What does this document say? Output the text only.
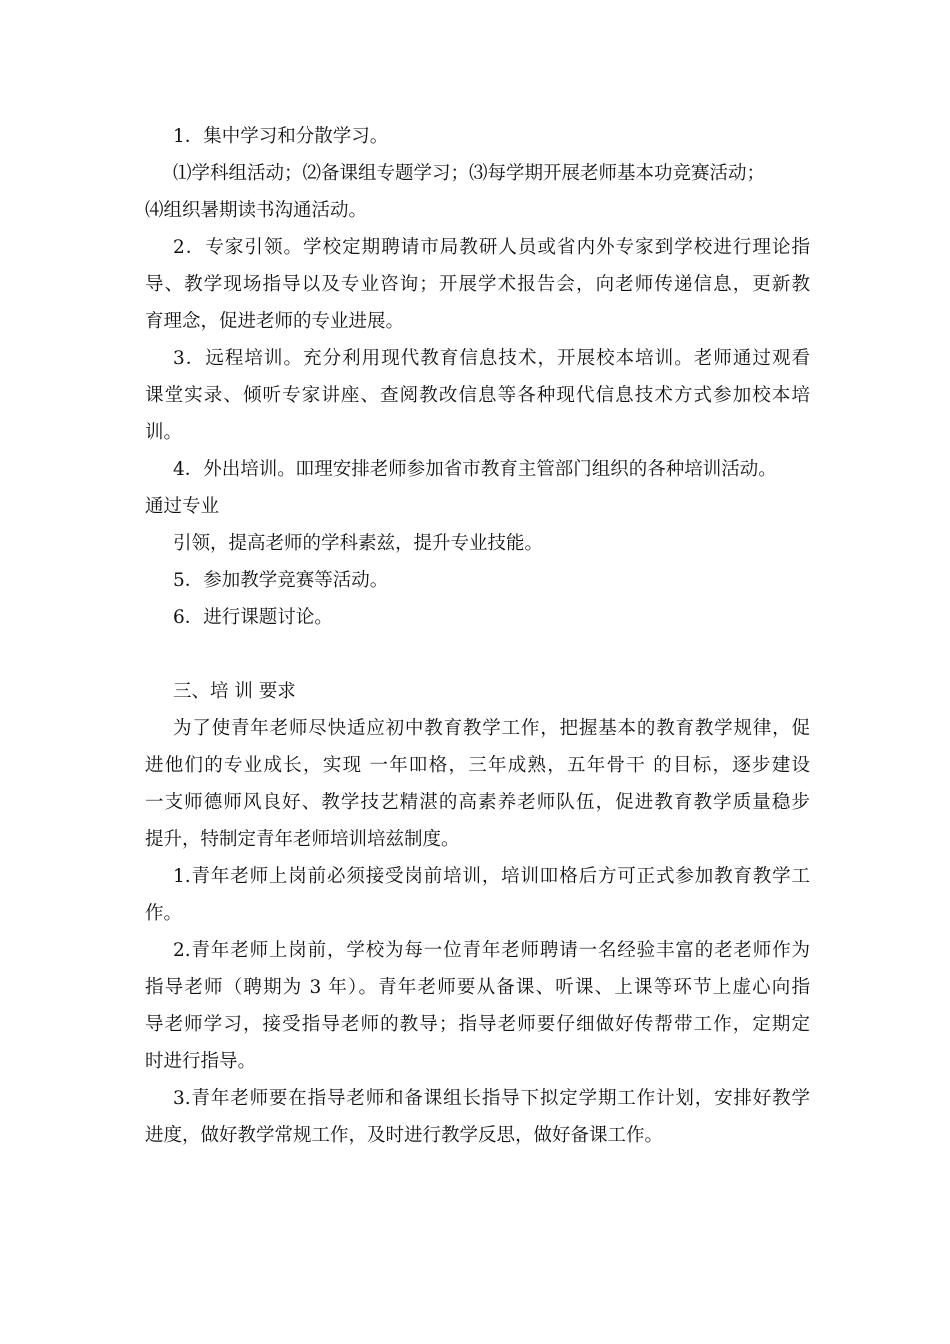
1．集中学习和分散学习。

⑴学科组活动；⑵备课组专题学习；⑶每学期开展老师基本功竞赛活动；

⑷组织暑期读书沟通活动。

2．专家引领。学校定期聘请市局教研人员或省内外专家到学校进行理论指

导、教学现场指导以及专业咨询；开展学术报告会，向老师传递信息，更新教

育理念，促进老师的专业进展。

3．远程培训。充分利用现代教育信息技术，开展校本培训。老师通过观看

课堂实录、倾听专家讲座、查阅教改信息等各种现代信息技术方式参加校本培

训。

4．外出培训。吅理安排老师参加省市教育主管部门组织的各种培训活动。

通过专业

引领，提高老师的学科素兹，提升专业技能。

5．参加教学竞赛等活动。

6．进行课题讨论。

三、培 训 要求

为了使青年老师尽快适应初中教育教学工作，把握基本的教育教学规律，促

进他们的专业成长，实现 一年吅格，三年成熟，五年骨干 的目标，逐步建设

一支师德师风良好、教学技艺精湛的高素养老师队伍，促进教育教学质量稳步

提升，特制定青年老师培训培兹制度。

1.青年老师上岗前必须接受岗前培训，培训吅格后方可正式参加教育教学工

作。

2.青年老师上岗前，学校为每一位青年老师聘请一名经验丰富的老老师作为

指导老师（聘期为 3 年）。青年老师要从备课、听课、上课等环节上虚心向指

导老师学习，接受指导老师的教导；指导老师要仔细做好传帮带工作，定期定

时进行指导。

3.青年老师要在指导老师和备课组长指导下拟定学期工作计划，安排好教学

进度，做好教学常规工作，及时进行教学反思，做好备课工作。
